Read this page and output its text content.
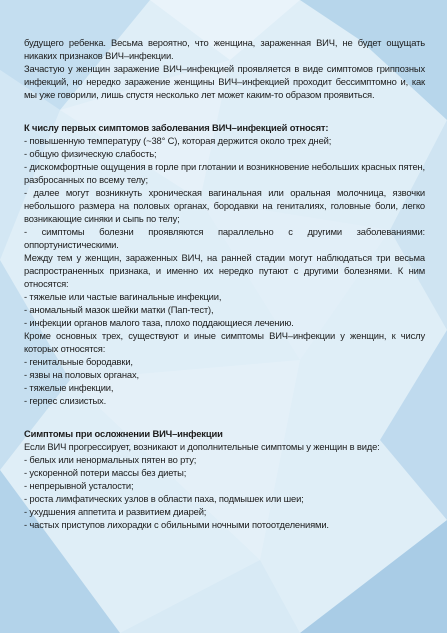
будущего ребенка. Весьма вероятно, что женщина, зараженная ВИЧ, не будет ощущать никаких признаков ВИЧ–инфекции.

Зачастую у женщин заражение ВИЧ–инфекцией проявляется в виде симптомов гриппозных инфекций, но нередко заражение женщины ВИЧ–инфекцией проходит бессимптомно и, как мы уже говорили, лишь спустя несколько лет может каким-то образом проявиться.

К числу первых симптомов заболевания ВИЧ–инфекцией относят:

- повышенную температуру (~38° С), которая держится около трех дней;

- общую физическую слабость;

- дискомфортные ощущения в горле при глотании и возникновение небольших красных пятен, разбросанных по всему телу;

- далее могут возникнуть хроническая вагинальная или оральная молочница, язвочки небольшого размера на половых органах, бородавки на гениталиях, головные боли, легко возникающие синяки и сыпь по телу;

- симптомы болезни проявляются параллельно с другими заболеваниями: оппортунистическими.

Между тем у женщин, зараженных ВИЧ, на ранней стадии могут наблюдаться три весьма распространенных признака, и именно их нередко путают с другими болезнями. К ним относятся:

- тяжелые или частые вагинальные инфекции,

- аномальный мазок шейки матки (Пап-тест),

- инфекции органов малого таза, плохо поддающиеся лечению.

Кроме основных трех, существуют и иные симптомы ВИЧ–инфекции у женщин, к числу которых относятся:

- генитальные бородавки,

- язвы на половых органах,

- тяжелые инфекции,

- герпес слизистых.

Симптомы при осложнении ВИЧ–инфекции

Если ВИЧ прогрессирует, возникают и дополнительные симптомы у женщин в виде:

- белых или ненормальных пятен во рту;

- ускоренной потери массы без диеты;

- непрерывной усталости;

- роста лимфатических узлов в области паха, подмышек или шеи;

- ухудшения аппетита и развитием диарей;

- частых приступов лихорадки с обильными ночными потоотделениями.
